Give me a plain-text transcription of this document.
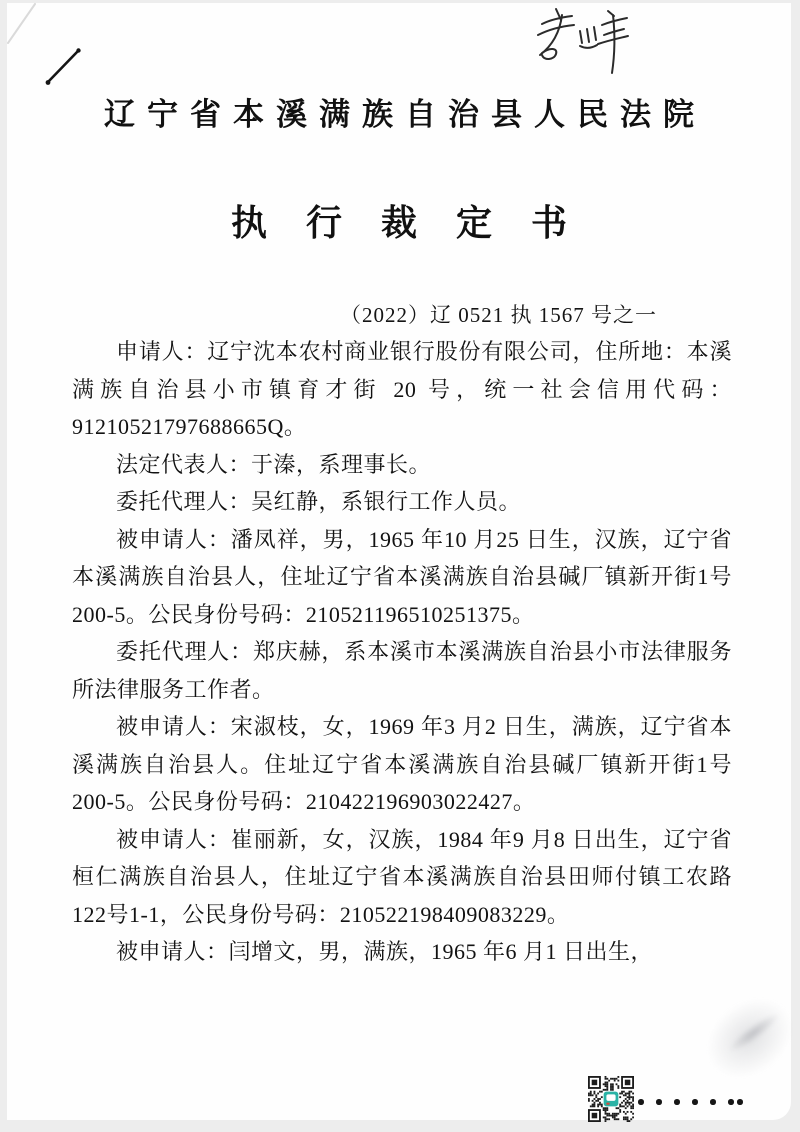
辽宁省本溪满族自治县人民法院
执 行 裁 定 书
（2022）辽 0521 执 1567 号之一

申请人：辽宁沈本农村商业银行股份有限公司，住所地：本溪满族自治县小市镇育才街 20 号，统一社会信用代码：91210521797688665Q。

法定代表人：于溱，系理事长。

委托代理人：吴红静，系银行工作人员。

被申请人：潘凤祥，男，1965 年10 月25 日生，汉族，辽宁省本溪满族自治县人，住址辽宁省本溪满族自治县碱厂镇新开街1号200-5。公民身份号码：210521196510251375。

委托代理人：郑庆赫，系本溪市本溪满族自治县小市法律服务所法律服务工作者。

被申请人：宋淑枝，女，1969 年3 月2 日生，满族，辽宁省本溪满族自治县人。住址辽宁省本溪满族自治县碱厂镇新开街1号200-5。公民身份号码：210422196903022427。

被申请人：崔丽新，女，汉族，1984 年9 月8 日出生，辽宁省桓仁满族自治县人，住址辽宁省本溪满族自治县田师付镇工农路122号1-1，公民身份号码：210522198409083229。

被申请人：闫增文，男，满族，1965 年6 月1 日出生，
